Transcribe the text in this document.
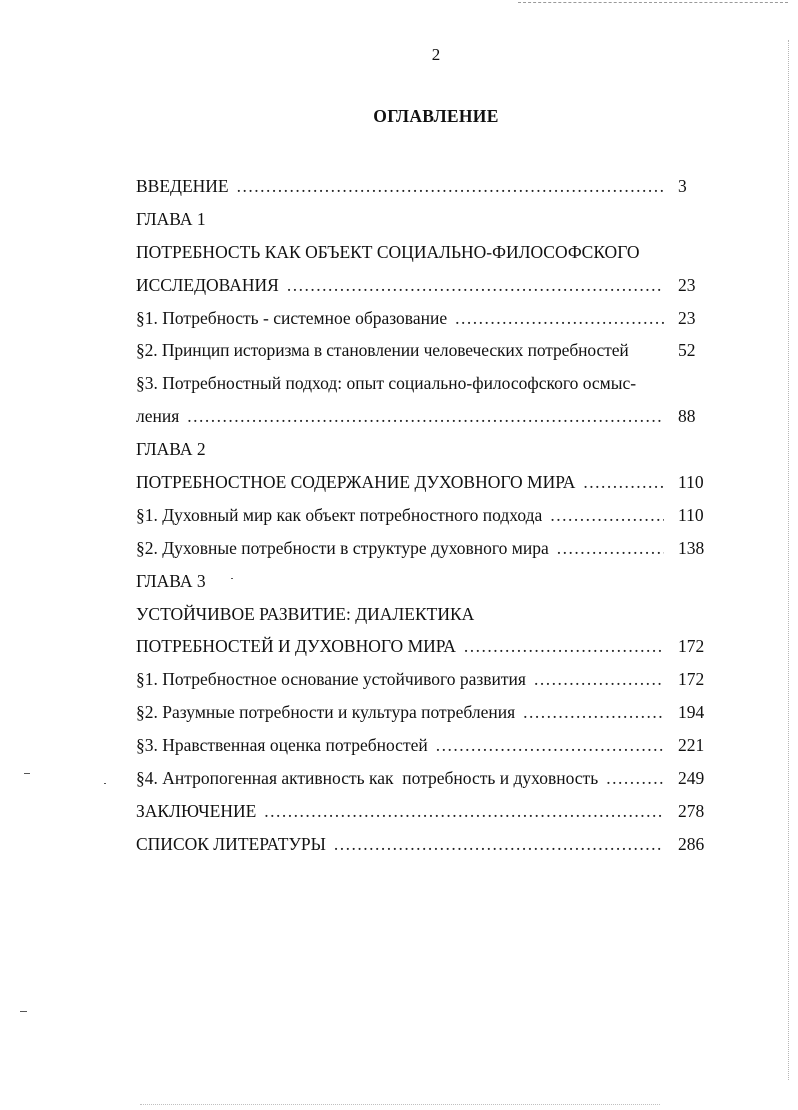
2
ОГЛАВЛЕНИЕ
ВВЕДЕНИЕ .....	3
ГЛАВА 1
ПОТРЕБНОСТЬ КАК ОБЪЕКТ СОЦИАЛЬНО-ФИЛОСОФСКОГО
ИССЛЕДОВАНИЯ .....	23
§1. Потребность - системное образование .....	23
§2. Принцип историзма в становлении человеческих потребностей	52
§3. Потребностный подход: опыт социально-философского осмыс-
ления .....	88
ГЛАВА 2
ПОТРЕБНОСТНОЕ СОДЕРЖАНИЕ ДУХОВНОГО МИРА .....	110
§1. Духовный мир как объект потребностного подхода .....	110
§2. Духовные потребности в структуре духовного мира .....	138
ГЛАВА 3
УСТОЙЧИВОЕ РАЗВИТИЕ: ДИАЛЕКТИКА
ПОТРЕБНОСТЕЙ И ДУХОВНОГО МИРА .....	172
§1. Потребностное основание устойчивого развития .....	172
§2. Разумные потребности и культура потребления .....	194
§3. Нравственная оценка потребностей .....	221
§4. Антропогенная активность как  потребность и духовность .....	249
ЗАКЛЮЧЕНИЕ .....	278
СПИСОК ЛИТЕРАТУРЫ .....	286
